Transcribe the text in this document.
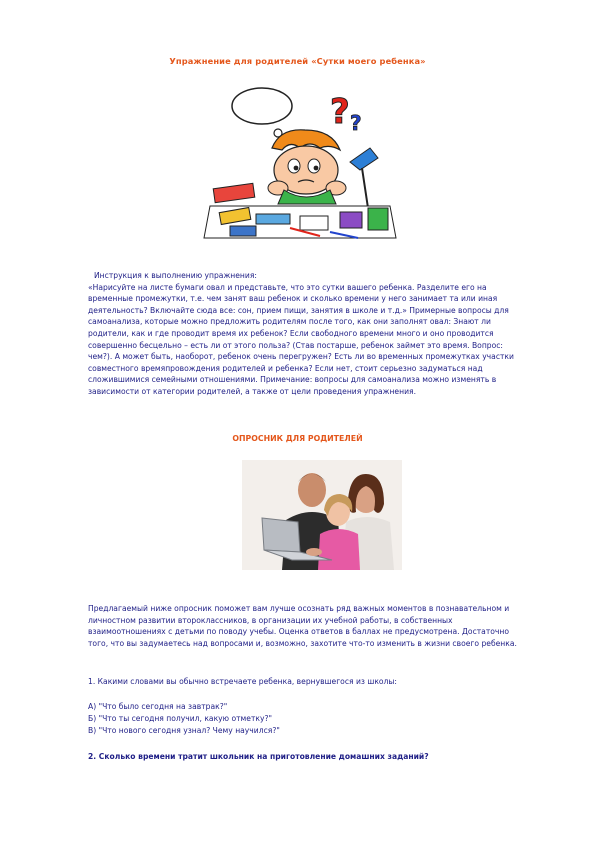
Упражнение для родителей «Сутки моего ребенка»
? ?

Инструкция к выполнению упражнения:

«Нарисуйте на листе бумаги овал и представьте, что это сутки вашего ребенка. Разделите его на временные промежутки, т.е. чем занят ваш ребенок и сколько времени у него занимает та или иная деятельность? Включайте сюда все: сон, прием пищи, занятия в школе и т.д.» Примерные вопросы для самоанализа, которые можно предложить родителям после того, как они заполнят овал: Знают ли родители, как и где проводит время их ребенок? Если свободного времени много и оно проводится совершенно бесцельно – есть ли от этого польза? (Став постарше, ребенок займет это время. Вопрос: чем?). А может быть, наоборот, ребенок очень перегружен? Есть ли во временных промежутках участки совместного времяпровождения родителей и ребенка? Если нет, стоит серьезно задуматься над сложившимися семейными отношениями. Примечание: вопросы для самоанализа можно изменять в зависимости от категории родителей, а также от цели проведения упражнения.

ОПРОСНИК ДЛЯ РОДИТЕЛЕЙ
Предлагаемый ниже опросник поможет вам лучше осознать ряд важных моментов в познавательном и личностном развитии второклассников, в организации их учебной работы, в собственных взаимоотношениях с детьми по поводу учебы. Оценка ответов в баллах не предусмотрена. Достаточно того, что вы задумаетесь над вопросами и, возможно, захотите что-то изменить в жизни своего ребенка.
1. Какими словами вы обычно встречаете ребенка, вернувшегося из школы:
А) "Что было сегодня на завтрак?"
Б) "Что ты сегодня получил, какую отметку?"
В) "Что нового сегодня узнал? Чему научился?"
2. Сколько времени тратит школьник на приготовление домашних заданий?
